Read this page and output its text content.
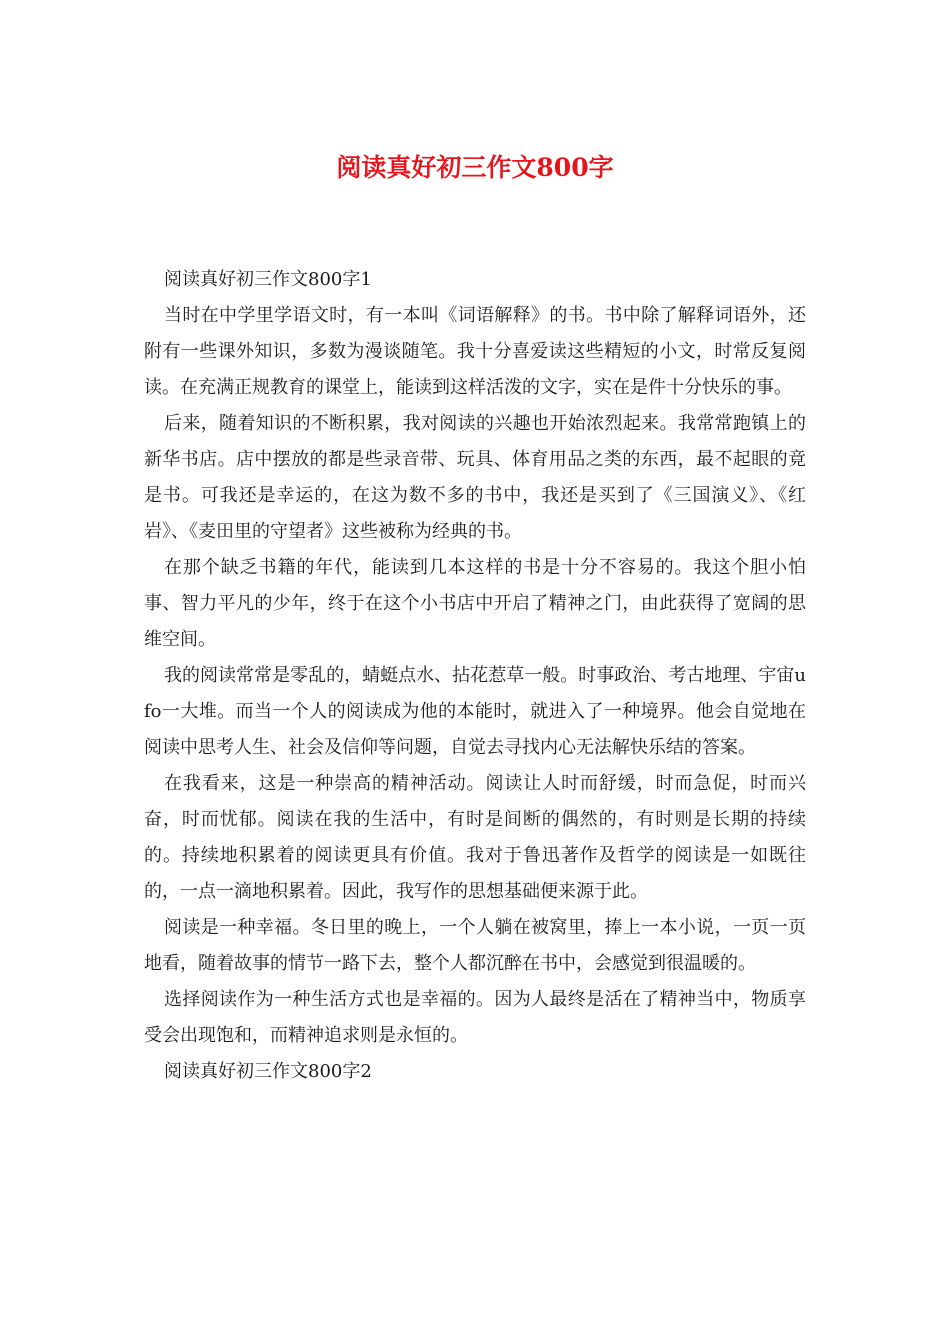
阅读真好初三作文800字

阅读真好初三作文800字1

当时在中学里学语文时，有一本叫《词语解释》的书。书中除了解释词语外，还附有一些课外知识，多数为漫谈随笔。我十分喜爱读这些精短的小文，时常反复阅读。在充满正规教育的课堂上，能读到这样活泼的文字，实在是件十分快乐的事。

后来，随着知识的不断积累，我对阅读的兴趣也开始浓烈起来。我常常跑镇上的新华书店。店中摆放的都是些录音带、玩具、体育用品之类的东西，最不起眼的竟是书。可我还是幸运的，在这为数不多的书中，我还是买到了《三国演义》、《红岩》、《麦田里的守望者》这些被称为经典的书。

在那个缺乏书籍的年代，能读到几本这样的书是十分不容易的。我这个胆小怕事、智力平凡的少年，终于在这个小书店中开启了精神之门，由此获得了宽阔的思维空间。

我的阅读常常是零乱的，蜻蜓点水、拈花惹草一般。时事政治、考古地理、宇宙ufo一大堆。而当一个人的阅读成为他的本能时，就进入了一种境界。他会自觉地在阅读中思考人生、社会及信仰等问题，自觉去寻找内心无法解快乐结的答案。

在我看来，这是一种崇高的精神活动。阅读让人时而舒缓，时而急促，时而兴奋，时而忧郁。阅读在我的生活中，有时是间断的偶然的，有时则是长期的持续的。持续地积累着的阅读更具有价值。我对于鲁迅著作及哲学的阅读是一如既往的，一点一滴地积累着。因此，我写作的思想基础便来源于此。

阅读是一种幸福。冬日里的晚上，一个人躺在被窝里，捧上一本小说，一页一页地看，随着故事的情节一路下去，整个人都沉醉在书中，会感觉到很温暖的。

选择阅读作为一种生活方式也是幸福的。因为人最终是活在了精神当中，物质享受会出现饱和，而精神追求则是永恒的。

阅读真好初三作文800字2
